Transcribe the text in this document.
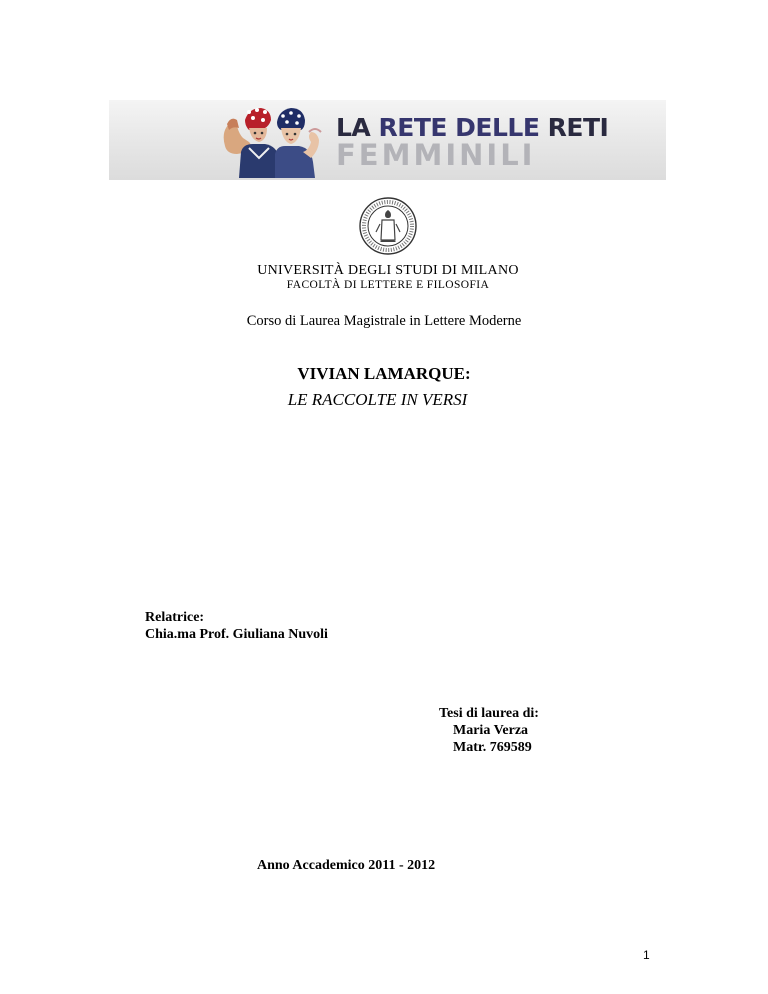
LA RETE DELLE RETI
FEMMINILI
UNIVERSITÀ DEGLI STUDI DI MILANO
FACOLTÀ DI LETTERE E FILOSOFIA
Corso di Laurea Magistrale in Lettere Moderne
VIVIAN LAMARQUE:
LE RACCOLTE IN VERSI
Relatrice:
Chia.ma Prof. Giuliana Nuvoli
Tesi di laurea di:
Maria Verza
Matr. 769589
Anno Accademico 2011 - 2012
1
